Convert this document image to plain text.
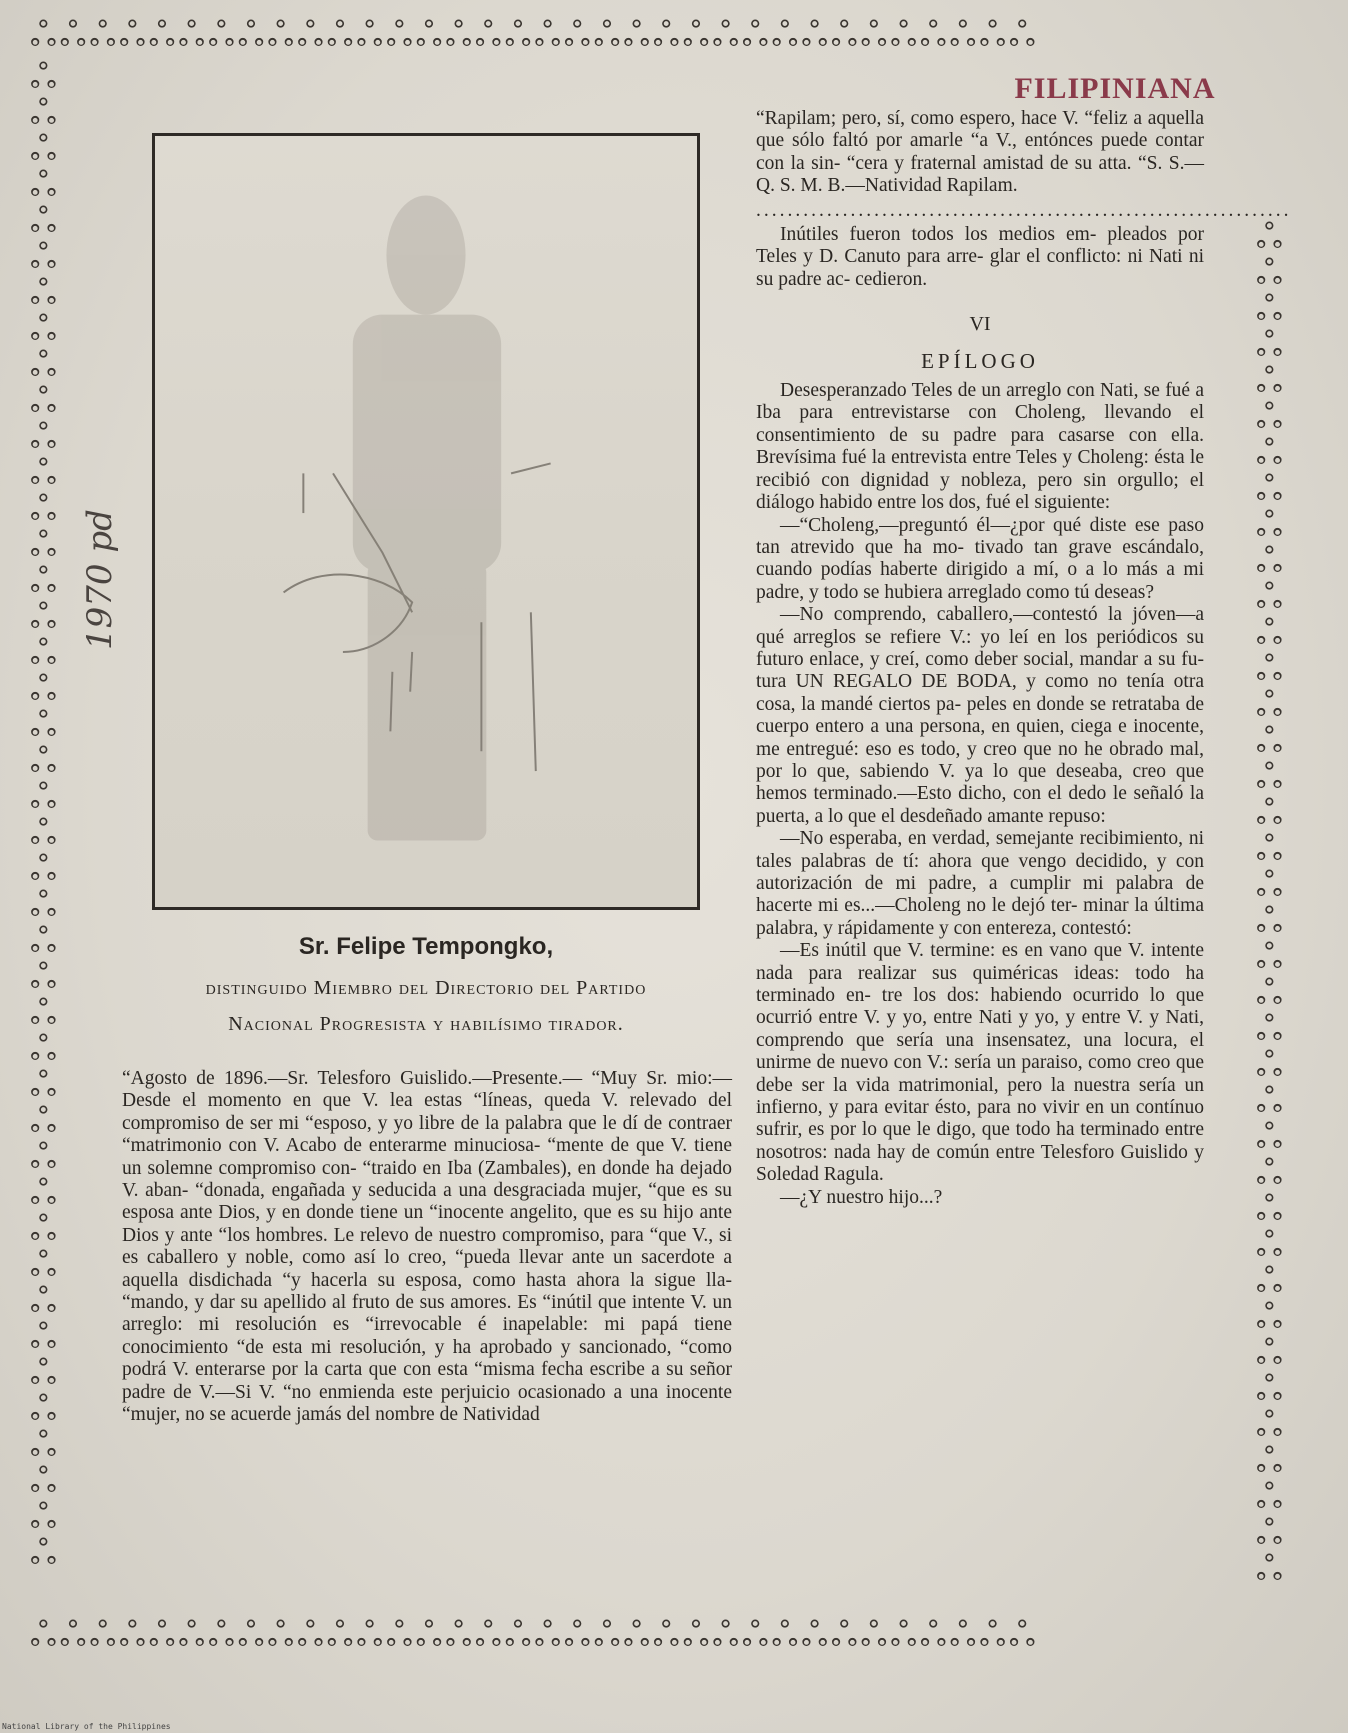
ஃஃஃஃஃஃஃஃஃஃஃஃஃஃஃஃஃஃஃஃஃஃஃஃஃஃஃஃஃஃஃஃஃஃ
ஃஃஃஃஃஃஃஃஃஃஃஃஃஃஃஃஃஃஃஃஃஃஃஃஃஃஃஃஃஃஃஃஃஃ
ஃ
ஃ
ஃ
ஃ
ஃ
ஃ
ஃ
ஃ
ஃ
ஃ
ஃ
ஃ
ஃ
ஃ
ஃ
ஃ
ஃ
ஃ
ஃ
ஃ
ஃ
ஃ
ஃ
ஃ
ஃ
ஃ
ஃ
ஃ
ஃ
ஃ
ஃ
ஃ
ஃ
ஃ
ஃ
ஃ
ஃ
ஃ
ஃ
ஃ
ஃ
ஃ
ஃ
ஃ
ஃ
ஃ
ஃ
ஃ
ஃ
ஃ
ஃ
ஃ
ஃ
ஃ
ஃ
ஃ
ஃ
ஃ
ஃ
ஃ
ஃ
ஃ
ஃ
ஃ
ஃ
ஃ
ஃ
ஃ
ஃ
ஃ
ஃ
ஃ
ஃ
ஃ
ஃ
ஃ
ஃ
ஃ
ஃ
ஃ
FILIPINIANA
1970 pd
Sr. Felipe Tempongko,
distinguido Miembro del Directorio del Partido
Nacional Progresista y habilísimo tirador.

“Agosto de 1896.—Sr. Telesforo Guislido.—Presente.— “Muy Sr. mio:—Desde el momento en que V. lea estas “líneas, queda V. relevado del compromiso de ser mi “esposo, y yo libre de la palabra que le dí de contraer “matrimonio con V. Acabo de enterarme minuciosa- “mente de que V. tiene un solemne compromiso con- “traido en Iba (Zambales), en donde ha dejado V. aban- “donada, engañada y seducida a una desgraciada mujer, “que es su esposa ante Dios, y en donde tiene un “inocente angelito, que es su hijo ante Dios y ante “los hombres. Le relevo de nuestro compromiso, para “que V., si es caballero y noble, como así lo creo, “pueda llevar ante un sacerdote a aquella disdichada “y hacerla su esposa, como hasta ahora la sigue lla- “mando, y dar su apellido al fruto de sus amores. Es “inútil que intente V. un arreglo: mi resolución es “irrevocable é inapelable: mi papá tiene conocimiento “de esta mi resolución, y ha aprobado y sancionado, “como podrá V. enterarse por la carta que con esta “misma fecha escribe a su señor padre de V.—Si V. “no enmienda este perjuicio ocasionado a una inocente “mujer, no se acuerde jamás del nombre de Natividad

“Rapilam; pero, sí, como espero, hace V. “feliz a aquella que sólo faltó por amarle “a V., entónces puede contar con la sin- “cera y fraternal amistad de su atta. “S. S.—Q. S. M. B.—Natividad Rapilam.

....................................................................

Inútiles fueron todos los medios em- pleados por Teles y D. Canuto para arre- glar el conflicto: ni Nati ni su padre ac- cedieron.

VI

EPÍLOGO

Desesperanzado Teles de un arreglo con Nati, se fué a Iba para entrevistarse con Choleng, llevando el consentimiento de su padre para casarse con ella. Brevísima fué la entrevista entre Teles y Choleng: ésta le recibió con dignidad y nobleza, pero sin orgullo; el diálogo habido entre los dos, fué el siguiente:

—“Choleng,—preguntó él—¿por qué diste ese paso tan atrevido que ha mo- tivado tan grave escándalo, cuando podías haberte dirigido a mí, o a lo más a mi padre, y todo se hubiera arreglado como tú deseas?

—No comprendo, caballero,—contestó la jóven—a qué arreglos se refiere V.: yo leí en los periódicos su futuro enlace, y creí, como deber social, mandar a su fu- tura UN REGALO DE BODA, y como no tenía otra cosa, la mandé ciertos pa- peles en donde se retrataba de cuerpo entero a una persona, en quien, ciega e inocente, me entregué: eso es todo, y creo que no he obrado mal, por lo que, sabiendo V. ya lo que deseaba, creo que hemos terminado.—Esto dicho, con el dedo le señaló la puerta, a lo que el desdeñado amante repuso:

—No esperaba, en verdad, semejante recibimiento, ni tales palabras de tí: ahora que vengo decidido, y con autorización de mi padre, a cumplir mi palabra de hacerte mi es...—Choleng no le dejó ter- minar la última palabra, y rápidamente y con entereza, contestó:

—Es inútil que V. termine: es en vano que V. intente nada para realizar sus quiméricas ideas: todo ha terminado en- tre los dos: habiendo ocurrido lo que ocurrió entre V. y yo, entre Nati y yo, y entre V. y Nati, comprendo que sería una insensatez, una locura, el unirme de nuevo con V.: sería un paraiso, como creo que debe ser la vida matrimonial, pero la nuestra sería un infierno, y para evitar ésto, para no vivir en un contínuo sufrir, es por lo que le digo, que todo ha terminado entre nosotros: nada hay de común entre Telesforo Guislido y Soledad Ragula.

—¿Y nuestro hijo...?

National Library of the Philippines
